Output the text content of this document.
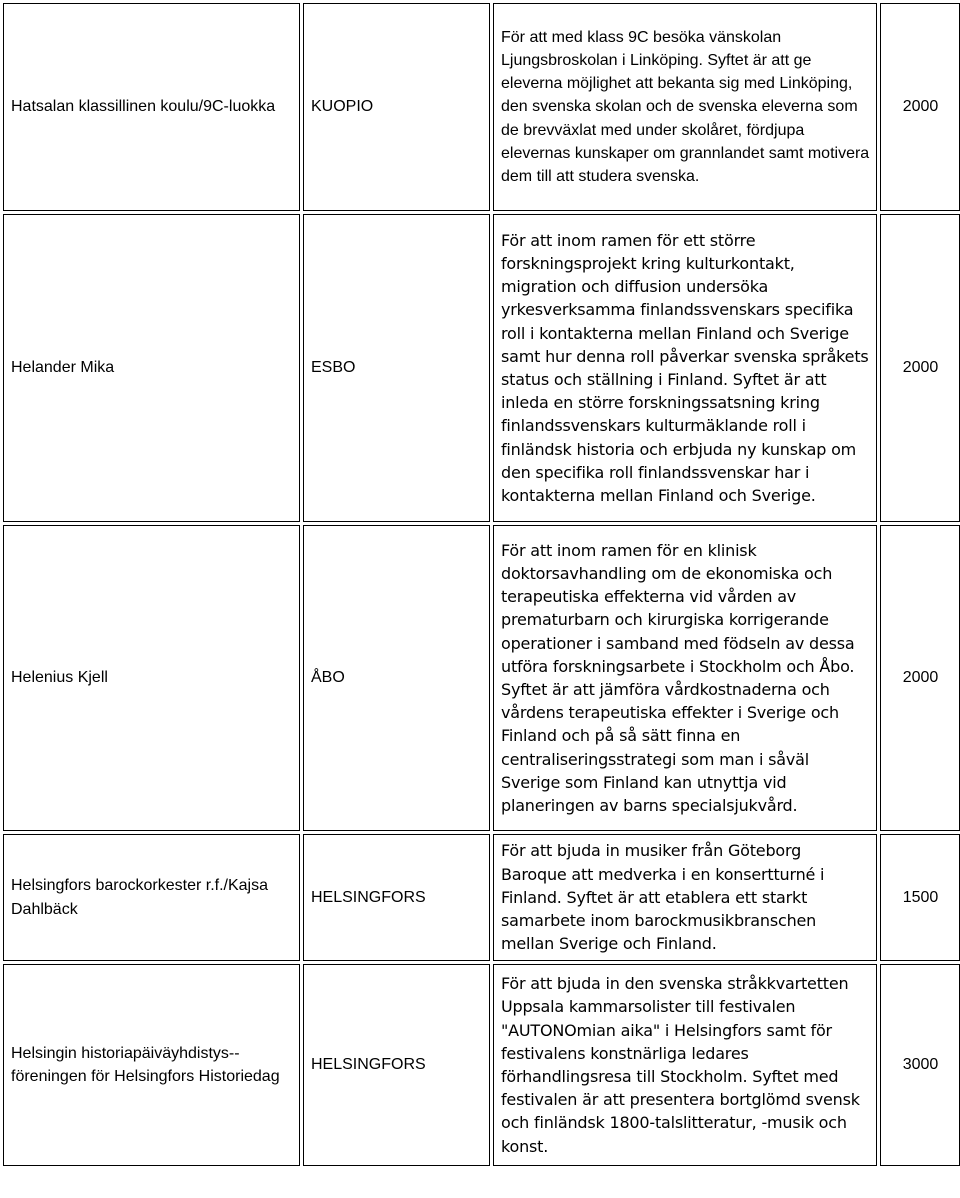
Hatsalan klassillinen koulu/9C-luokka	KUOPIO	För att med klass 9C besöka vänskolan Ljungsbroskolan i Linköping. Syftet är att ge eleverna möjlighet att bekanta sig med Linköping, den svenska skolan och de svenska eleverna som de brevväxlat med under skolåret, fördjupa elevernas kunskaper om grannlandet samt motivera dem till att studera svenska.	2000
Helander Mika	ESBO	För att inom ramen för ett större forskningsprojekt kring kulturkontakt, migration och diffusion undersöka yrkesverksamma finlandssvenskars specifika roll i kontakterna mellan Finland och Sverige samt hur denna roll påverkar svenska språkets status och ställning i Finland. Syftet är att inleda en större forskningssatsning kring finlandssvenskars kulturmäklande roll i finländsk historia och erbjuda ny kunskap om den specifika roll finlandssvenskar har i kontakterna mellan Finland och Sverige.	2000
Helenius Kjell	ÅBO	För att inom ramen för en klinisk doktorsavhandling om de ekonomiska och terapeutiska effekterna vid vården av prematurbarn och kirurgiska korrigerande operationer i samband med födseln av dessa utföra forskningsarbete i Stockholm och Åbo. Syftet är att jämföra vårdkostnaderna och vårdens terapeutiska effekter i Sverige och Finland och på så sätt finna en centraliseringsstrategi som man i såväl Sverige som Finland kan utnyttja vid planeringen av barns specialsjukvård.	2000
Helsingfors barockorkester r.f./Kajsa Dahlbäck	HELSINGFORS	För att bjuda in musiker från Göteborg Baroque att medverka i en konsertturné i Finland. Syftet är att etablera ett starkt samarbete inom barockmusikbranschen mellan Sverige och Finland.	1500
Helsingin historiapäiväyhdistys--föreningen för Helsingfors Historiedag	HELSINGFORS	För att bjuda in den svenska stråkkvartetten Uppsala kammarsolister till festivalen "AUTONOmian aika" i Helsingfors samt för festivalens konstnärliga ledares förhandlingsresa till Stockholm. Syftet med festivalen är att presentera bortglömd svensk och finländsk 1800-talslitteratur, -musik och konst.	3000
